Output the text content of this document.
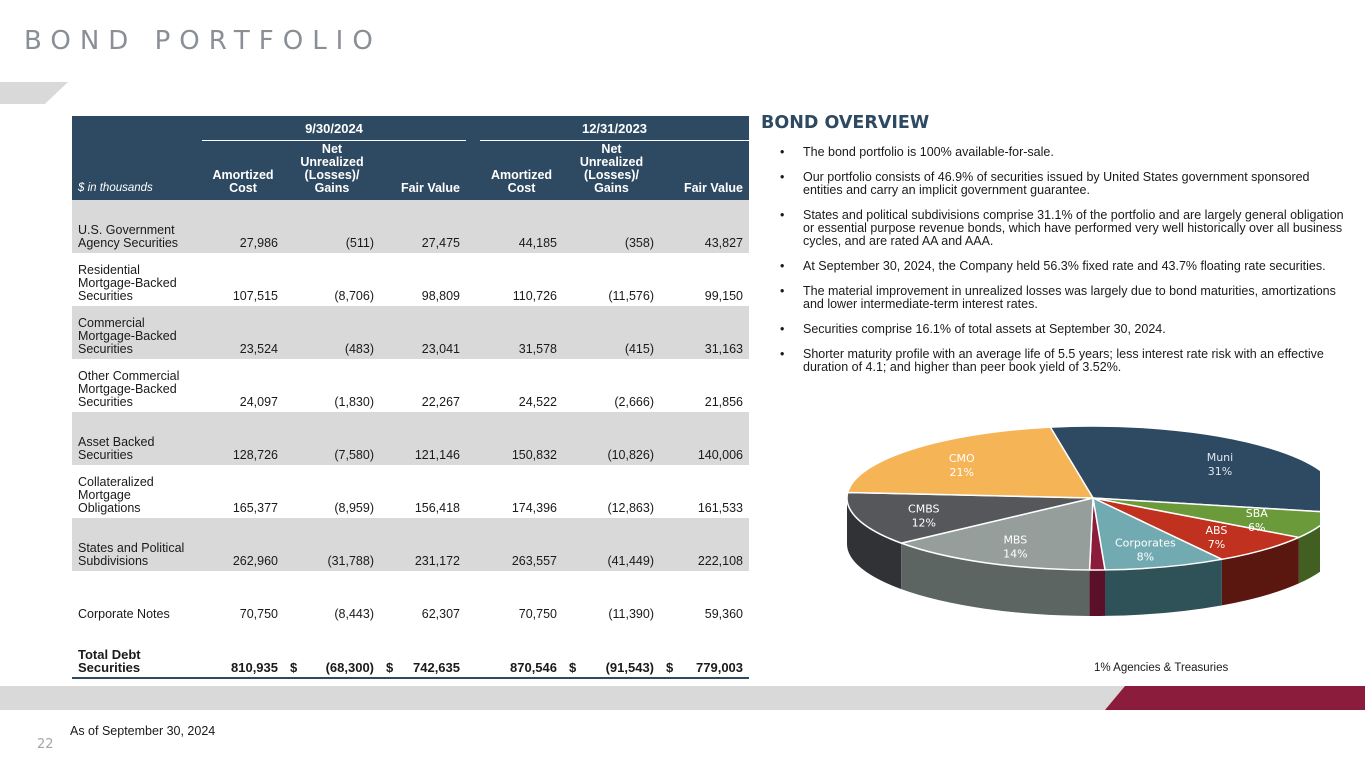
BOND PORTFOLIO
	9/30/2024				12/31/2023		
$ in thousands	Amortized Cost	Net Unrealized (Losses)/ Gains	Fair Value		Amortized Cost	Net Unrealized (Losses)/ Gains	Fair Value
U.S. Government Agency Securities	27,986	(511)	27,475		44,185	(358)	43,827
Residential Mortgage-Backed Securities	107,515	(8,706)	98,809		110,726	(11,576)	99,150
Commercial Mortgage-Backed Securities	23,524	(483)	23,041		31,578	(415)	31,163
Other Commercial Mortgage-Backed Securities	24,097	(1,830)	22,267		24,522	(2,666)	21,856
Asset Backed Securities	128,726	(7,580)	121,146		150,832	(10,826)	140,006
Collateralized Mortgage Obligations	165,377	(8,959)	156,418		174,396	(12,863)	161,533
States and Political Subdivisions	262,960	(31,788)	231,172		263,557	(41,449)	222,108
Corporate Notes	70,750	(8,443)	62,307		70,750	(11,390)	59,360
Total Debt Securities	810,935	$ (68,300)	$ 742,635		870,546	$ (91,543)	$ 779,003
BOND OVERVIEW
• The bond portfolio is 100% available-for-sale.
• Our portfolio consists of 46.9% of securities issued by United States government sponsored entities and carry an implicit government guarantee.
• States and political subdivisions comprise 31.1% of the portfolio and are largely general obligation or essential purpose revenue bonds, which have performed very well historically over all business cycles, and are rated AA and AAA.
• At September 30, 2024, the Company held 56.3% fixed rate and 43.7% floating rate securities.
• The material improvement in unrealized losses was largely due to bond maturities, amortizations and lower intermediate-term interest rates.
• Securities comprise 16.1% of total assets at September 30, 2024.
• Shorter maturity profile with an average life of 5.5 years; less interest rate risk with an effective duration of 4.1; and higher than peer book yield of 3.52%.
Muni
31%
SBA
6%
ABS
7%
Corporates
8%
MBS
14%
CMBS
12%
CMO
21%
1% Agencies & Treasuries
As of September 30, 2024
22
